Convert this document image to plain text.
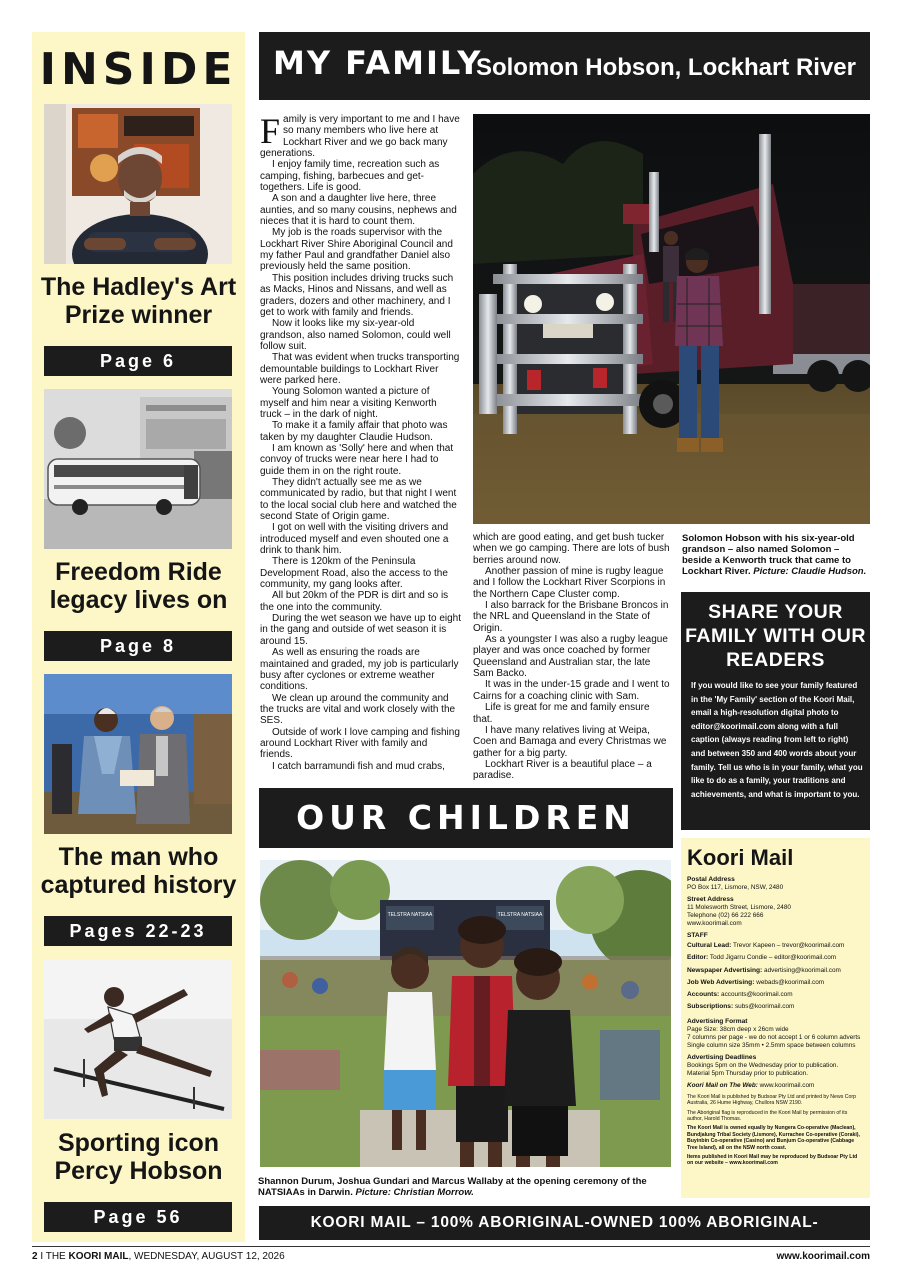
INSIDE
The Hadley's Art Prize winner
Page 6
Freedom Ride legacy lives on
Page 8
The man who captured history
Pages 22-23
Sporting icon Percy Hobson
Page 56
MY FAMILY
Solomon Hobson, Lockhart River

Family is very important to me and I have so many members who live here at Lockhart River and we go back many generations.

I enjoy family time, recreation such as camping, fishing, barbecues and get-togethers. Life is good.

A son and a daughter live here, three aunties, and so many cousins, nephews and nieces that it is hard to count them.

My job is the roads supervisor with the Lockhart River Shire Aboriginal Council and my father Paul and grandfather Daniel also previously held the same position.

This position includes driving trucks such as Macks, Hinos and Nissans, and well as graders, dozers and other machinery, and I get to work with family and friends.

Now it looks like my six-year-old grandson, also named Solomon, could well follow suit.

That was evident when trucks transporting demountable buildings to Lockhart River were parked here.

Young Solomon wanted a picture of myself and him near a visiting Kenworth truck – in the dark of night.

To make it a family affair that photo was taken by my daughter Claudie Hudson.

I am known as 'Solly' here and when that convoy of trucks were near here I had to guide them in on the right route.

They didn't actually see me as we communicated by radio, but that night I went to the local social club here and watched the second State of Origin game.

I got on well with the visiting drivers and introduced myself and even shouted one a drink to thank him.

There is 120km of the Peninsula Development Road, also the access to the community, my gang looks after.

All but 20km of the PDR is dirt and so is the one into the community.

During the wet season we have up to eight in the gang and outside of wet season it is around 15.

As well as ensuring the roads are maintained and graded, my job is particularly busy after cyclones or extreme weather conditions.

We clean up around the community and the trucks are vital and work closely with the SES.

Outside of work I love camping and fishing around Lockhart River with family and friends.

I catch barramundi fish and mud crabs,

which are good eating, and get bush tucker when we go camping. There are lots of bush berries around now.

Another passion of mine is rugby league and I follow the Lockhart River Scorpions in the Northern Cape Cluster comp.

I also barrack for the Brisbane Broncos in the NRL and Queensland in the State of Origin.

As a youngster I was also a rugby league player and was once coached by former Queensland and Australian star, the late Sam Backo.

It was in the under-15 grade and I went to Cairns for a coaching clinic with Sam.

Life is great for me and family ensure that.

I have many relatives living at Weipa, Coen and Bamaga and every Christmas we gather for a big party.

Lockhart River is a beautiful place – a paradise.

Solomon Hobson with his six-year-old grandson – also named Solomon – beside a Kenworth truck that came to Lockhart River. Picture: Claudie Hudson.
SHARE YOUR FAMILY WITH OUR READERS
If you would like to see your family featured in the 'My Family' section of the Koori Mail, email a high-resolution digital photo to editor@koorimail.com along with a full caption (always reading from left to right) and between 350 and 400 words about your family. Tell us who is in your family, what you like to do as a family, your traditions and achievements, and what is important to you.
OUR CHILDREN
TELSTRA NATSIAA	TELSTRA NATSIAA
Shannon Durum, Joshua Gundari and Marcus Wallaby at the opening ceremony of the NATSIAAs in Darwin. Picture: Christian Morrow.
Koori Mail
Postal Address
PO Box 117, Lismore, NSW, 2480
Street Address
11 Molesworth Street, Lismore, 2480
Telephone (02) 66 222 666
www.koorimail.com
STAFF
Cultural Lead: Trevor Kapeen – trevor@koorimail.com
Editor: Todd Jigarru Condie – editor@koorimail.com
Newspaper Advertising: advertising@koorimail.com
Job Web Advertising: webads@koorimail.com
Accounts: accounts@koorimail.com
Subscriptions: subs@koorimail.com
Advertising Format
Page Size: 38cm deep x 26cm wide
7 columns per page - we do not accept 1 or 6 column adverts
Single column size 35mm • 2.5mm space between columns
Advertising Deadlines
Bookings 5pm on the Wednesday prior to publication.
Material 5pm Thursday prior to publication.
Koori Mail on The Web: www.koorimail.com
The Koori Mail is published by Budsoar Pty Ltd and printed by News Corp Australia, 26 Hume Highway, Chullora NSW 2190.
The Aboriginal flag is reproduced in the Koori Mail by permission of its author, Harold Thomas.
The Koori Mail is owned equally by Nungera Co-operative (Maclean), Bundjalung Tribal Society (Lismore), Kurrachee Co-operative (Coraki), Buyinbin Co-operative (Casino) and Bunjum Co-operative (Cabbage Tree Island), all on the NSW north coast.
Items published in Koori Mail may be reproduced by Budsoar Pty Ltd on our website – www.koorimail.com
KOORI MAIL – 100% ABORIGINAL-OWNED 100% ABORIGINAL-CONTROLLED
2 I THE KOORI MAIL, WEDNESDAY, AUGUST 12, 2026	www.koorimail.com
